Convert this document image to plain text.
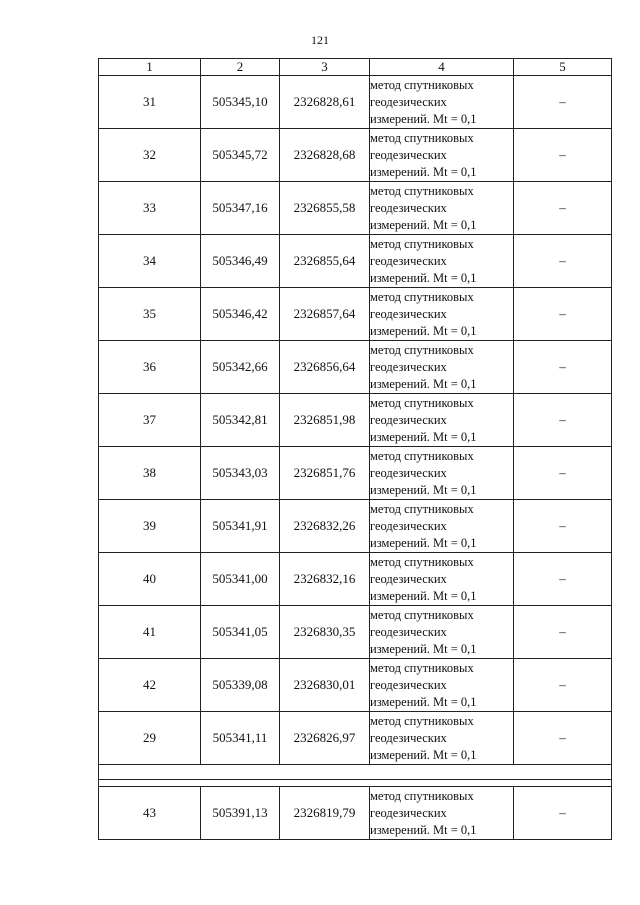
121
1	2	3	4	5
31	505345,10	2326828,61	метод спутниковых
геодезических
измерений. Mt = 0,1	–
32	505345,72	2326828,68	метод спутниковых
геодезических
измерений. Mt = 0,1	–
33	505347,16	2326855,58	метод спутниковых
геодезических
измерений. Mt = 0,1	–
34	505346,49	2326855,64	метод спутниковых
геодезических
измерений. Mt = 0,1	–
35	505346,42	2326857,64	метод спутниковых
геодезических
измерений. Mt = 0,1	–
36	505342,66	2326856,64	метод спутниковых
геодезических
измерений. Mt = 0,1	–
37	505342,81	2326851,98	метод спутниковых
геодезических
измерений. Mt = 0,1	–
38	505343,03	2326851,76	метод спутниковых
геодезических
измерений. Mt = 0,1	–
39	505341,91	2326832,26	метод спутниковых
геодезических
измерений. Mt = 0,1	–
40	505341,00	2326832,16	метод спутниковых
геодезических
измерений. Mt = 0,1	–
41	505341,05	2326830,35	метод спутниковых
геодезических
измерений. Mt = 0,1	–
42	505339,08	2326830,01	метод спутниковых
геодезических
измерений. Mt = 0,1	–
29	505341,11	2326826,97	метод спутниковых
геодезических
измерений. Mt = 0,1	–

43	505391,13	2326819,79	метод спутниковых
геодезических
измерений. Mt = 0,1	–
